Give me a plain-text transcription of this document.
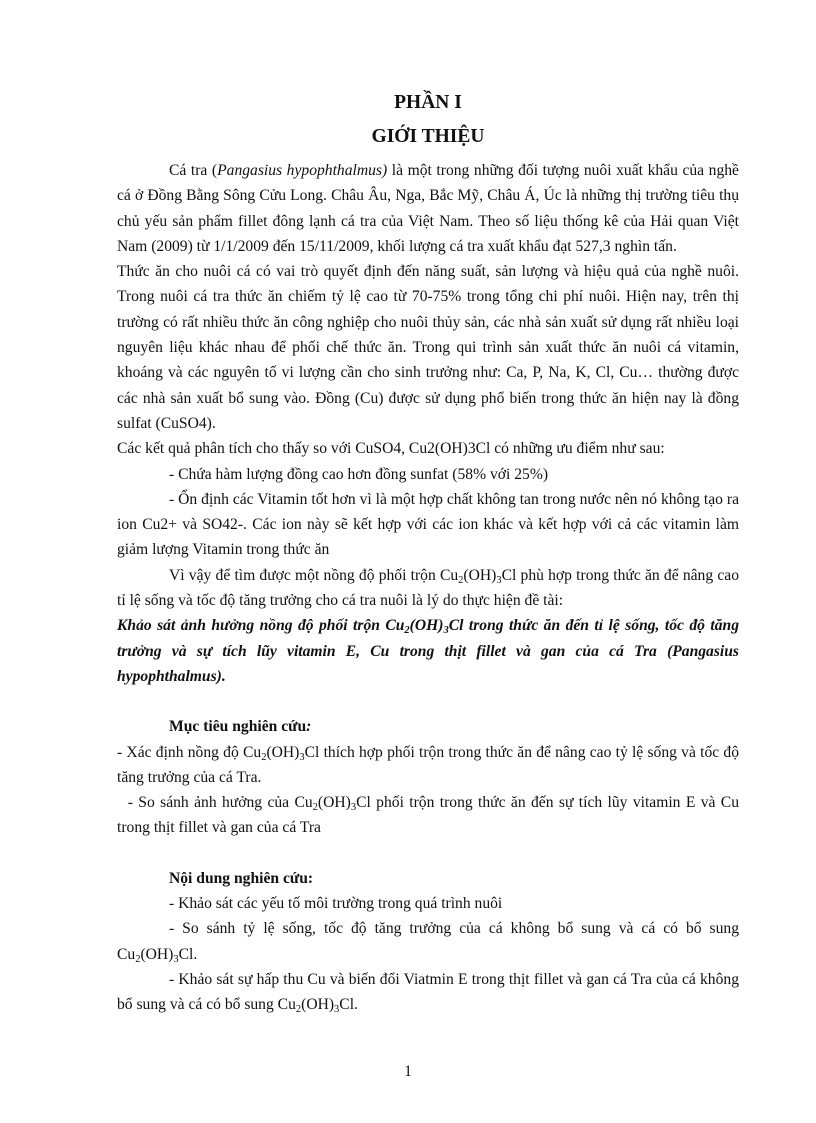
PHẦN I
GIỚI THIỆU

Cá tra (Pangasius hypophthalmus) là một trong những đối tượng nuôi xuất khẩu của nghề cá ở Đồng Bằng Sông Cửu Long. Châu Âu, Nga, Bắc Mỹ, Châu Á, Úc là những thị trường tiêu thụ chủ yếu sản phẩm fillet đông lạnh cá tra của Việt Nam. Theo số liệu thống kê của Hải quan Việt Nam (2009) từ 1/1/2009 đến 15/11/2009, khối lượng cá tra xuất khẩu đạt 527,3 nghìn tấn.

Thức ăn cho nuôi cá có vai trò quyết định đến năng suất, sản lượng và hiệu quả của nghề nuôi. Trong nuôi cá tra thức ăn chiếm tỷ lệ cao từ 70-75% trong tổng chi phí nuôi. Hiện nay, trên thị trường có rất nhiều thức ăn công nghiệp cho nuôi thủy sản, các nhà sản xuất sử dụng rất nhiều loại nguyên liệu khác nhau để phối chế thức ăn. Trong qui trình sản xuất thức ăn nuôi cá vitamin, khoáng và các nguyên tố vi lượng cần cho sinh trưởng như: Ca, P, Na, K, Cl, Cu… thường được các nhà sản xuất bổ sung vào. Đồng (Cu) được sử dụng phổ biến trong thức ăn hiện nay là đồng sulfat (CuSO4).

Các kết quả phân tích cho thấy so với CuSO4, Cu2(OH)3Cl có những ưu điểm như sau:

- Chứa hàm lượng đồng cao hơn đồng sunfat (58% với 25%)

- Ổn định các Vitamin tốt hơn vì là một hợp chất không tan trong nước nên nó không tạo ra ion Cu2+ và SO42-. Các ion này sẽ kết hợp với các ion khác và kết hợp với cả các vitamin làm giảm lượng Vitamin trong thức ăn

Vì vậy để tìm được một nồng độ phối trộn $Cu_2(OH)_3Cl$ phù hợp trong thức ăn để nâng cao tỉ lệ sống và tốc độ tăng trưởng cho cá tra nuôi là lý do thực hiện đề tài:

Khảo sát ảnh hưởng nồng độ phối trộn $Cu_2(OH)_3Cl$ trong thức ăn đến tỉ lệ sống, tốc độ tăng trưởng và sự tích lũy vitamin E, Cu trong thịt fillet và gan của cá Tra (Pangasius hypophthalmus).

Mục tiêu nghiên cứu:

- Xác định nồng độ $Cu_2(OH)_3Cl$ thích hợp phối trộn trong thức ăn để nâng cao tỷ lệ sống và tốc độ tăng trưởng của cá Tra.

- So sánh ảnh hưởng của $Cu_2(OH)_3Cl$ phối trộn trong thức ăn đến sự tích lũy vitamin E và Cu trong thịt fillet và gan của cá Tra

Nội dung nghiên cứu:

- Khảo sát các yếu tố môi trường trong quá trình nuôi

- So sánh tỷ lệ sống, tốc độ tăng trưởng của cá không bổ sung và cá có bổ sung $Cu_2(OH)_3Cl$.

- Khảo sát sự hấp thu Cu và biến đổi Viatmin E trong thịt fillet và gan cá Tra của cá không bổ sung và cá có bổ sung $Cu_2(OH)_3Cl$.

1
